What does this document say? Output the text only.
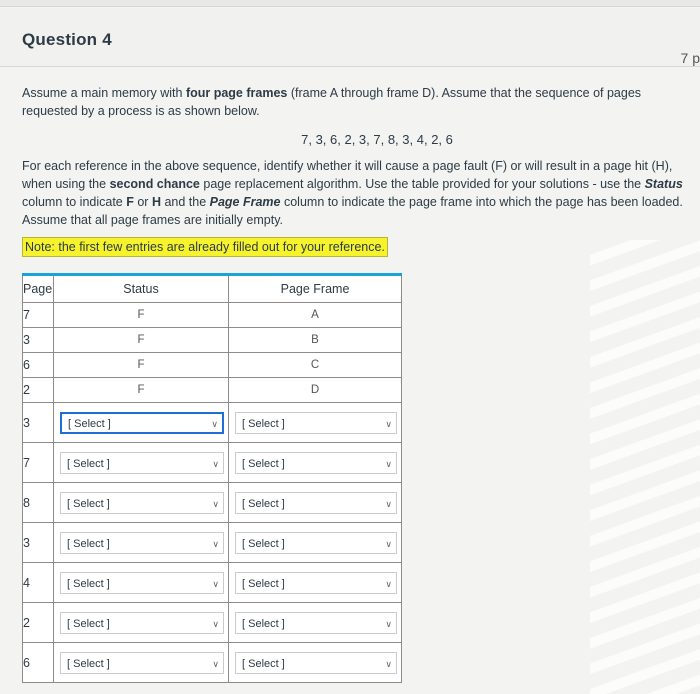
Question 4
7 p

Assume a main memory with four page frames (frame A through frame D). Assume that the sequence of pages requested by a process is as shown below.

7, 3, 6, 2, 3, 7, 8, 3, 4, 2, 6

For each reference in the above sequence, identify whether it will cause a page fault (F) or will result in a page hit (H), when using the second chance page replacement algorithm. Use the table provided for your solutions - use the Status column to indicate F or H and the Page Frame column to indicate the page frame into which the page has been loaded. Assume that all page frames are initially empty.

Note: the first few entries are already filled out for your reference.
Page	Status	Page Frame
7	F	A
3	F	B
6	F	C
2	F	D
3	[ Select ] ∨	[ Select ] ∨

7	[ Select ] ∨	[ Select ] ∨

8	[ Select ] ∨	[ Select ] ∨

3	[ Select ] ∨	[ Select ] ∨

4	[ Select ] ∨	[ Select ] ∨

2	[ Select ] ∨	[ Select ] ∨

6	[ Select ] ∨	[ Select ] ∨
